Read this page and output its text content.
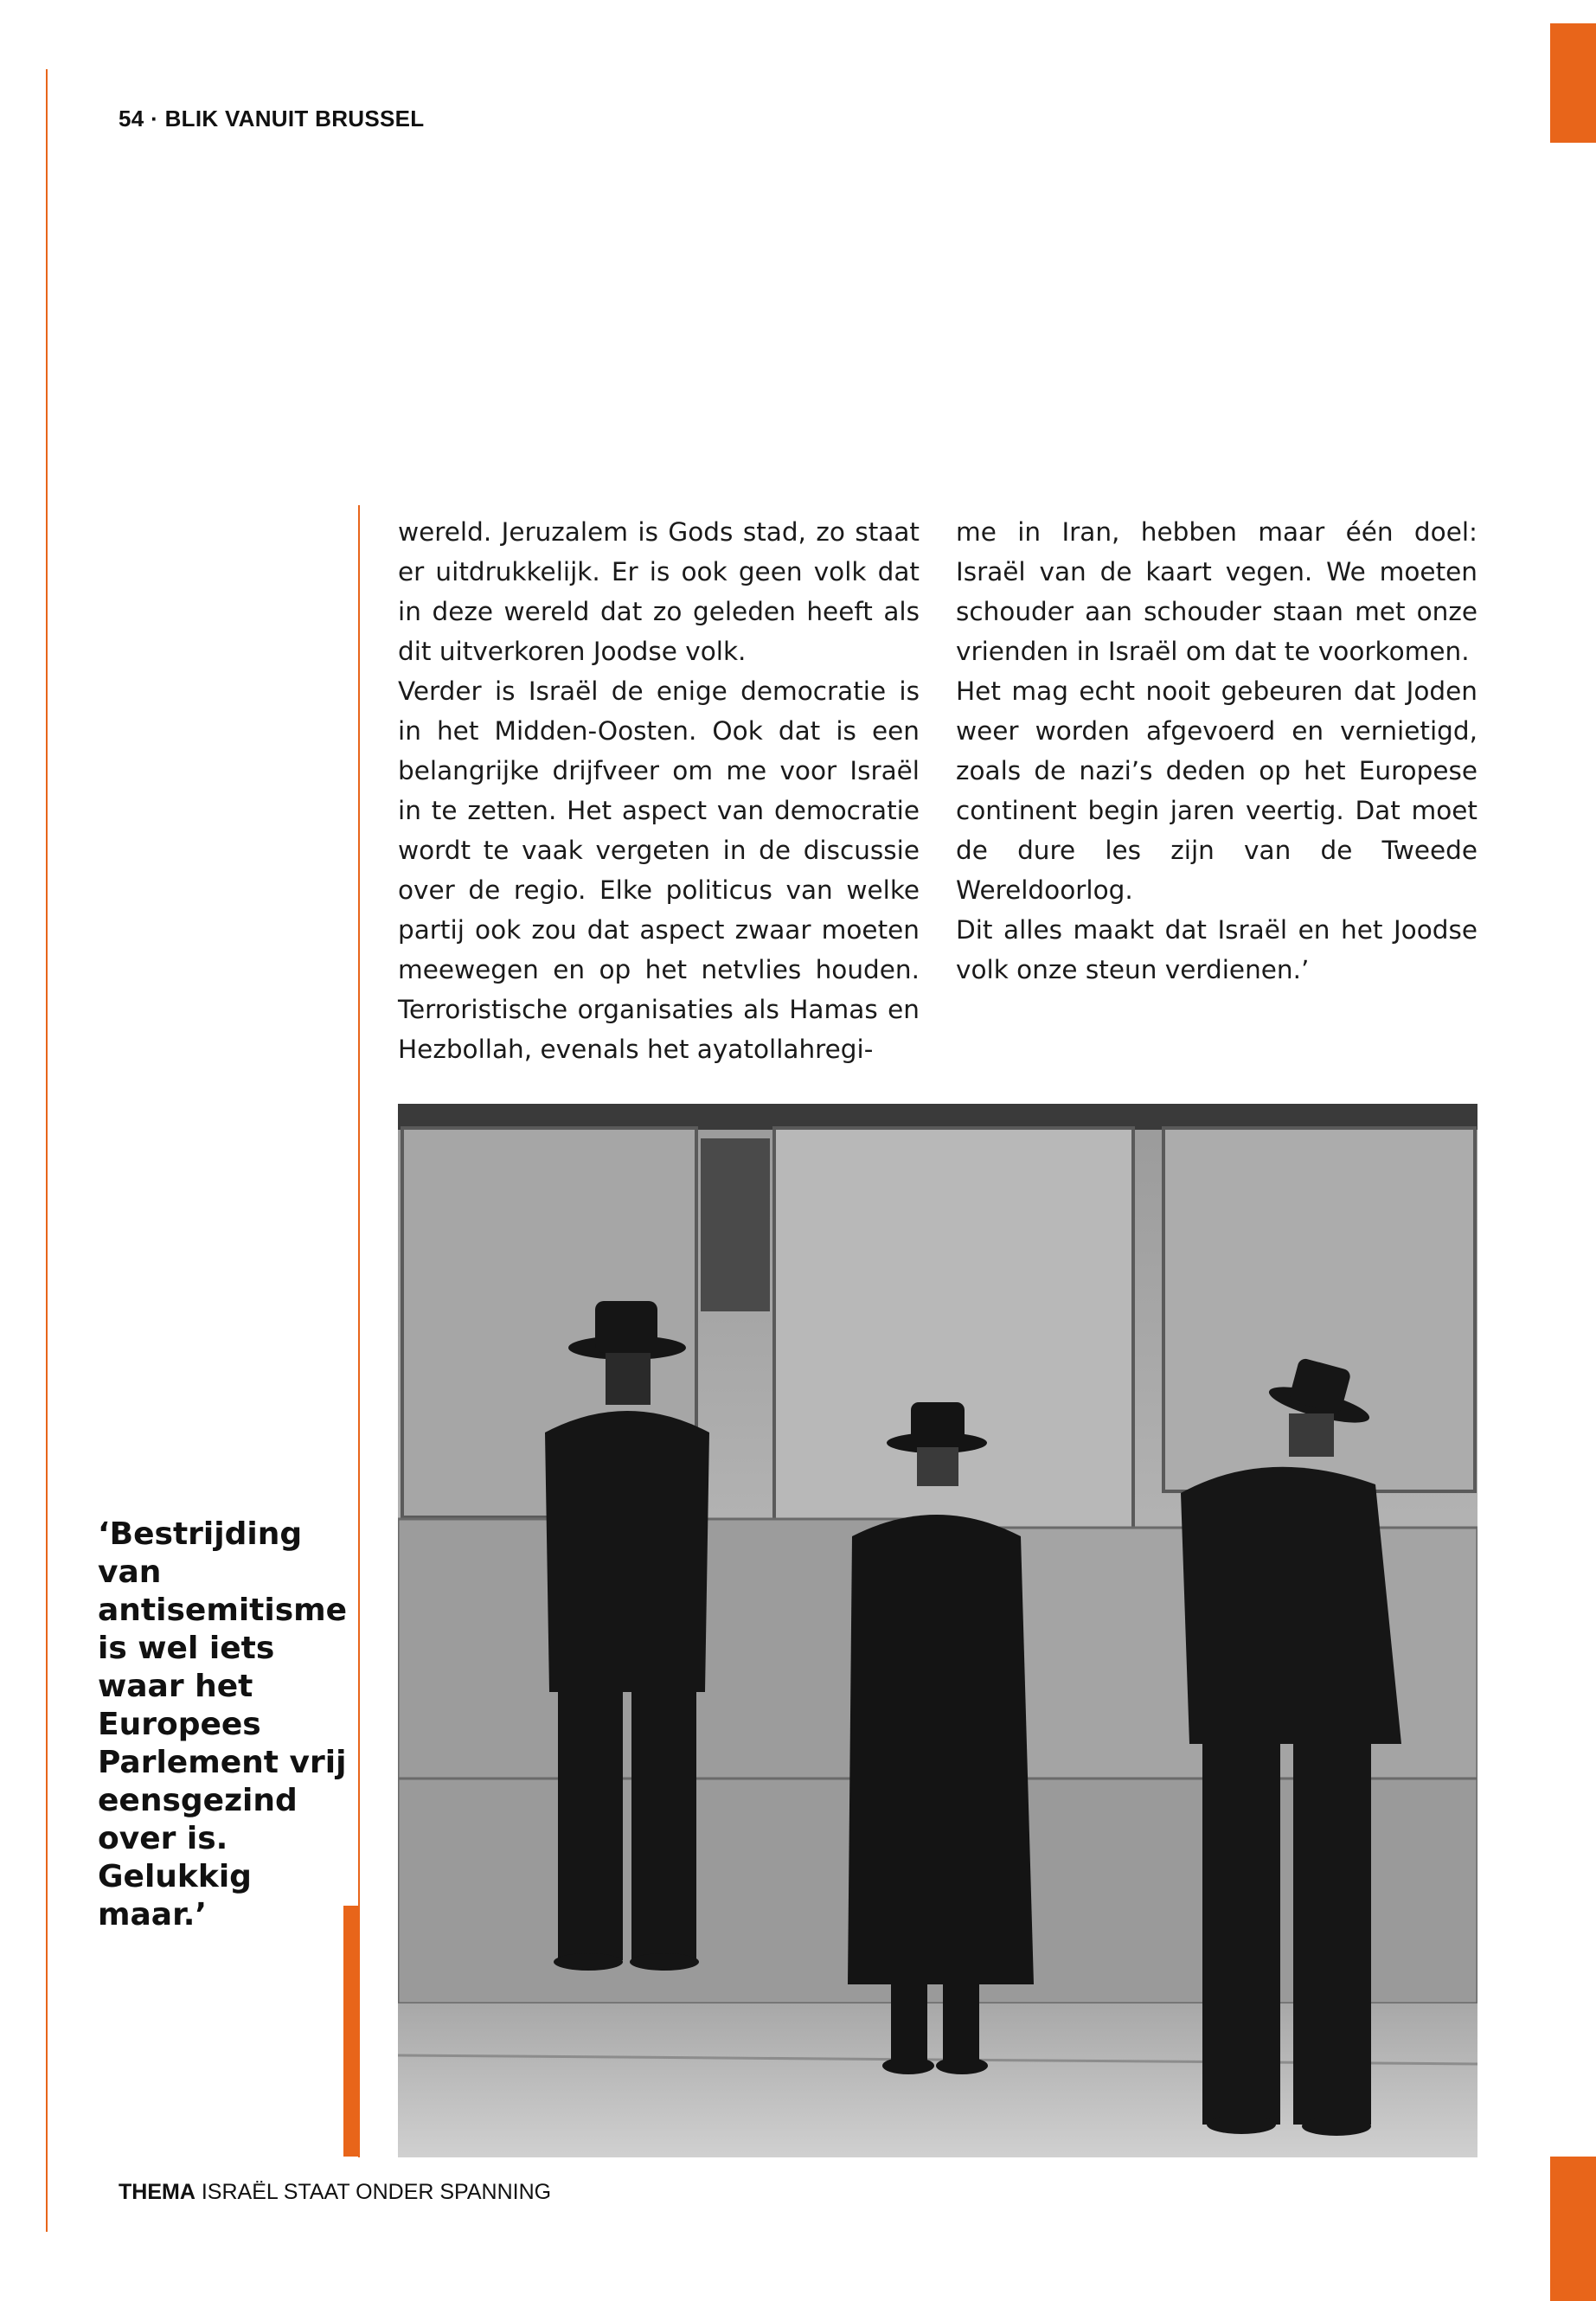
54 · BLIK VANUIT BRUSSEL

wereld. Jeruzalem is Gods stad, zo staat er uitdrukkelijk. Er is ook geen volk dat in deze wereld dat zo geleden heeft als dit uitverkoren Joodse volk.

Verder is Israël de enige democratie is in het Midden-Oosten. Ook dat is een belangrijke drijfveer om me voor Israël in te zetten. Het aspect van democratie wordt te vaak vergeten in de discussie over de regio. Elke politicus van welke partij ook zou dat aspect zwaar moeten meewegen en op het netvlies houden. Terroristische organisaties als Hamas en Hezbollah, evenals het ayatollahregi-

me in Iran, hebben maar één doel: Israël van de kaart vegen. We moeten schouder aan schouder staan met onze vrienden in Israël om dat te voorkomen.

Het mag echt nooit gebeuren dat Joden weer worden afgevoerd en vernietigd, zoals de nazi’s deden op het Europese continent begin jaren veertig. Dat moet de dure les zijn van de Tweede Wereldoorlog.

Dit alles maakt dat Israël en het Joodse volk onze steun verdienen.’

‘Bestrijding van antisemitisme is wel iets waar het Europees Parlement vrij eensgezind over is. Gelukkig maar.’
THEMA ISRAËL STAAT ONDER SPANNING
